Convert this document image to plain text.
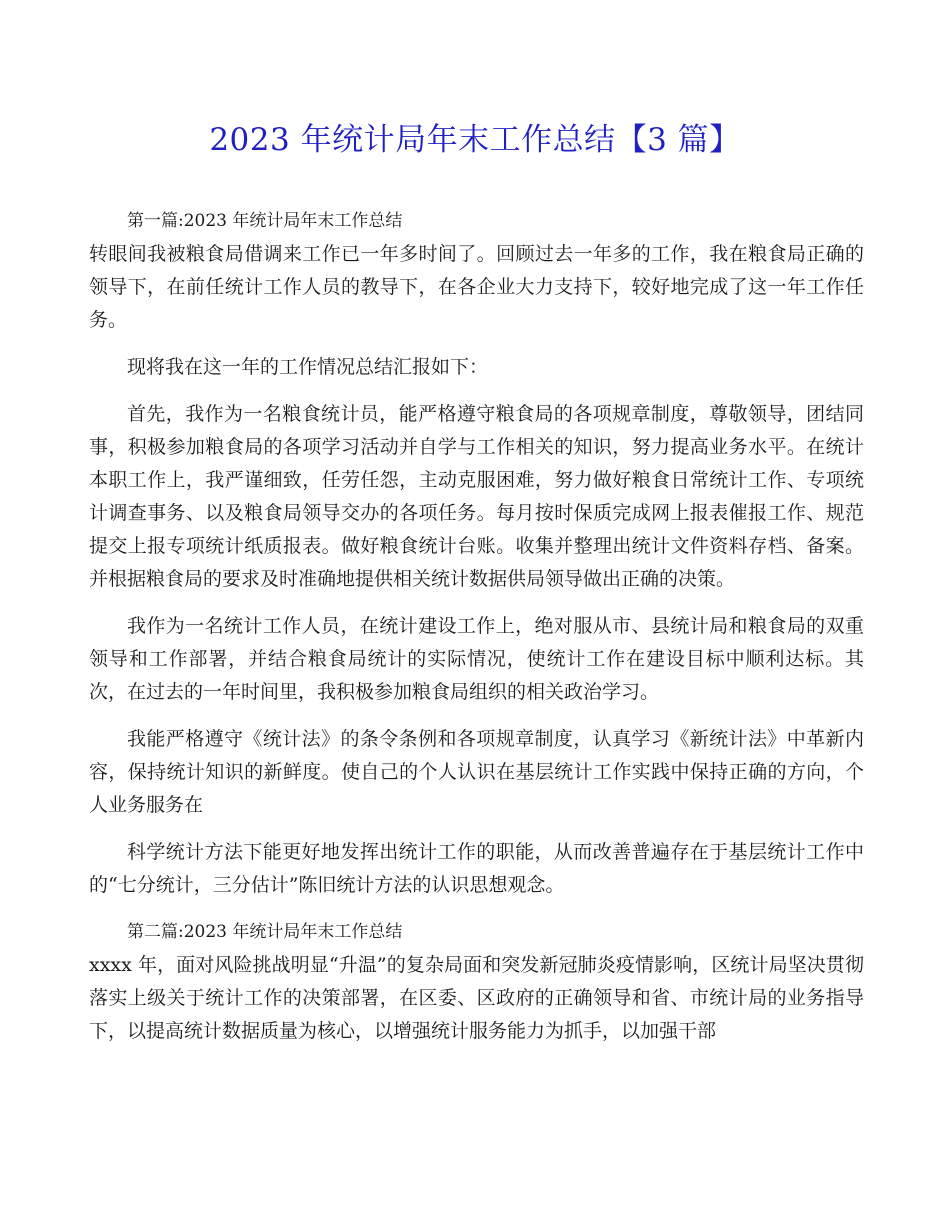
2023 年统计局年末工作总结【3 篇】

第一篇:2023 年统计局年末工作总结

转眼间我被粮食局借调来工作已一年多时间了。回顾过去一年多的工作，我在粮食局正确的领导下，在前任统计工作人员的教导下，在各企业大力支持下，较好地完成了这一年工作任务。

现将我在这一年的工作情况总结汇报如下：

首先，我作为一名粮食统计员，能严格遵守粮食局的各项规章制度，尊敬领导，团结同事，积极参加粮食局的各项学习活动并自学与工作相关的知识，努力提高业务水平。在统计本职工作上，我严谨细致，任劳任怨，主动克服困难，努力做好粮食日常统计工作、专项统计调查事务、以及粮食局领导交办的各项任务。每月按时保质完成网上报表催报工作、规范提交上报专项统计纸质报表。做好粮食统计台账。收集并整理出统计文件资料存档、备案。并根据粮食局的要求及时准确地提供相关统计数据供局领导做出正确的决策。

我作为一名统计工作人员，在统计建设工作上，绝对服从市、县统计局和粮食局的双重领导和工作部署，并结合粮食局统计的实际情况，使统计工作在建设目标中顺利达标。其次，在过去的一年时间里，我积极参加粮食局组织的相关政治学习。

我能严格遵守《统计法》的条令条例和各项规章制度，认真学习《新统计法》中革新内容，保持统计知识的新鲜度。使自己的个人认识在基层统计工作实践中保持正确的方向，个人业务服务在

科学统计方法下能更好地发挥出统计工作的职能，从而改善普遍存在于基层统计工作中的“七分统计，三分估计”陈旧统计方法的认识思想观念。

第二篇:2023 年统计局年末工作总结

xxxx 年，面对风险挑战明显“升温”的复杂局面和突发新冠肺炎疫情影响，区统计局坚决贯彻落实上级关于统计工作的决策部署，在区委、区政府的正确领导和省、市统计局的业务指导下，以提高统计数据质量为核心，以增强统计服务能力为抓手，以加强干部
